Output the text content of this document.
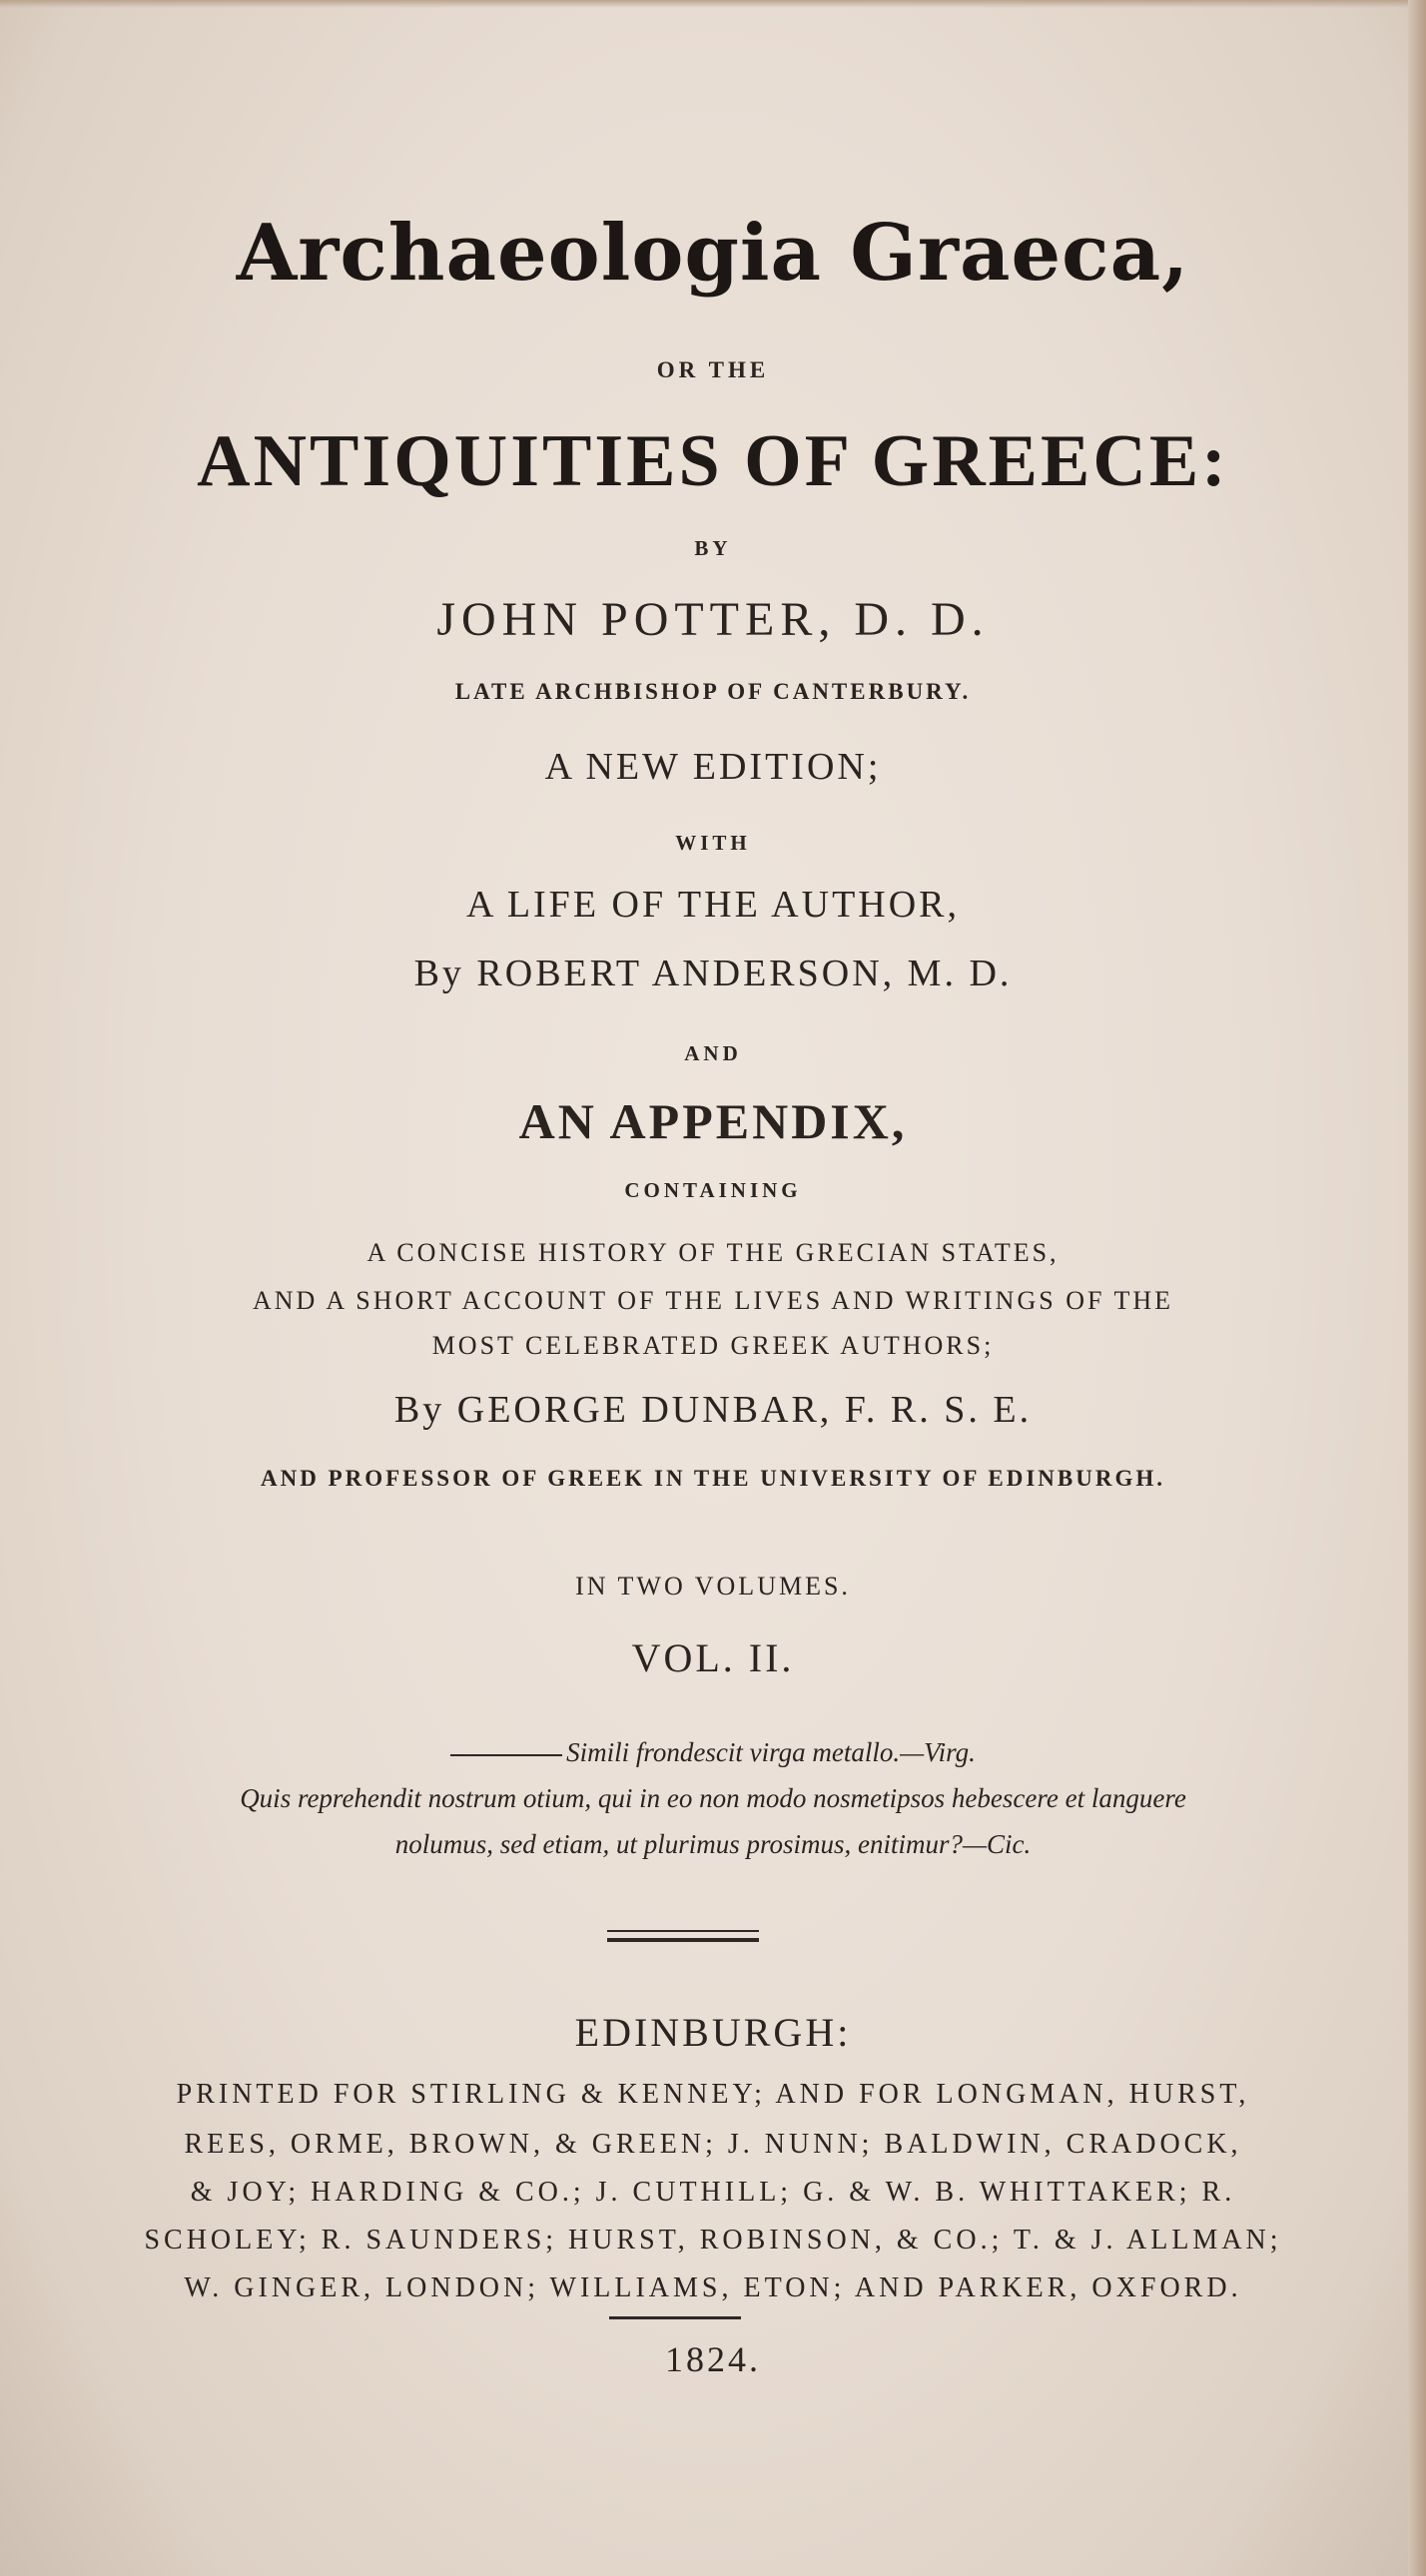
Archaeologia Graeca,
OR THE
ANTIQUITIES OF GREECE:
BY
JOHN POTTER, D. D.
LATE ARCHBISHOP OF CANTERBURY.
A NEW EDITION;
WITH
A LIFE OF THE AUTHOR,
By ROBERT ANDERSON, M. D.
AND
AN APPENDIX,
CONTAINING
A CONCISE HISTORY OF THE GRECIAN STATES,
AND A SHORT ACCOUNT OF THE LIVES AND WRITINGS OF THE
MOST CELEBRATED GREEK AUTHORS;
By GEORGE DUNBAR, F. R. S. E.
AND PROFESSOR OF GREEK IN THE UNIVERSITY OF EDINBURGH.
IN TWO VOLUMES.
VOL. II.
Simili frondescit virga metallo.—Virg.
Quis reprehendit nostrum otium, qui in eo non modo nosmetipsos hebescere et languere
nolumus, sed etiam, ut plurimus prosimus, enitimur?—Cic.
EDINBURGH:
PRINTED FOR STIRLING & KENNEY; AND FOR LONGMAN, HURST,
REES, ORME, BROWN, & GREEN; J. NUNN; BALDWIN, CRADOCK,
& JOY; HARDING & CO.; J. CUTHILL; G. & W. B. WHITTAKER; R.
SCHOLEY; R. SAUNDERS; HURST, ROBINSON, & CO.; T. & J. ALLMAN;
W. GINGER, LONDON; WILLIAMS, ETON; AND PARKER, OXFORD.
1824.
